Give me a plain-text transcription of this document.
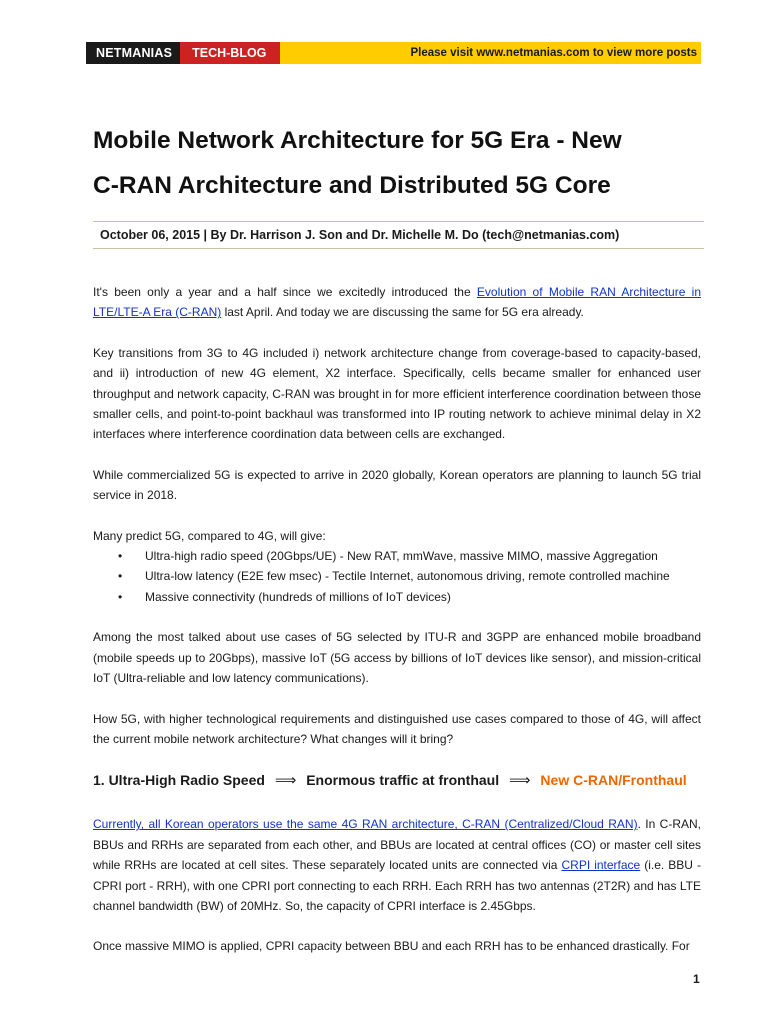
NETMANIAS	TECH-BLOG	Please visit www.netmanias.com to view more posts
Mobile Network Architecture for 5G Era - New
C-RAN Architecture and Distributed 5G Core
October 06, 2015 | By Dr. Harrison J. Son and Dr. Michelle M. Do (tech@netmanias.com)

It's been only a year and a half since we excitedly introduced the Evolution of Mobile RAN Architecture in LTE/LTE-A Era (C-RAN) last April. And today we are discussing the same for 5G era already.

Key transitions from 3G to 4G included i) network architecture change from coverage-based to capacity-based, and ii) introduction of new 4G element, X2 interface. Specifically, cells became smaller for enhanced user throughput and network capacity, C-RAN was brought in for more efficient interference coordination between those smaller cells, and point-to-point backhaul was transformed into IP routing network to achieve minimal delay in X2 interfaces where interference coordination data between cells are exchanged.

While commercialized 5G is expected to arrive in 2020 globally, Korean operators are planning to launch 5G trial service in 2018.

Many predict 5G, compared to 4G, will give:

• Ultra-high radio speed (20Gbps/UE) - New RAT, mmWave, massive MIMO, massive Aggregation
• Ultra-low latency (E2E few msec) - Tectile Internet, autonomous driving, remote controlled machine
• Massive connectivity (hundreds of millions of IoT devices)

Among the most talked about use cases of 5G selected by ITU-R and 3GPP are enhanced mobile broadband (mobile speeds up to 20Gbps), massive IoT (5G access by billions of IoT devices like sensor), and mission-critical IoT (Ultra-reliable and low latency communications).

How 5G, with higher technological requirements and distinguished use cases compared to those of 4G, will affect the current mobile network architecture? What changes will it bring?

1. Ultra-High Radio Speed ⟹ Enormous traffic at fronthaul ⟹ New C-RAN/Fronthaul

Currently, all Korean operators use the same 4G RAN architecture, C-RAN (Centralized/Cloud RAN). In C-RAN, BBUs and RRHs are separated from each other, and BBUs are located at central offices (CO) or master cell sites while RRHs are located at cell sites. These separately located units are connected via CRPI interface (i.e. BBU - CPRI port - RRH), with one CPRI port connecting to each RRH. Each RRH has two antennas (2T2R) and has LTE channel bandwidth (BW) of 20MHz. So, the capacity of CPRI interface is 2.45Gbps.

Once massive MIMO is applied, CPRI capacity between BBU and each RRH has to be enhanced drastically. For

1
